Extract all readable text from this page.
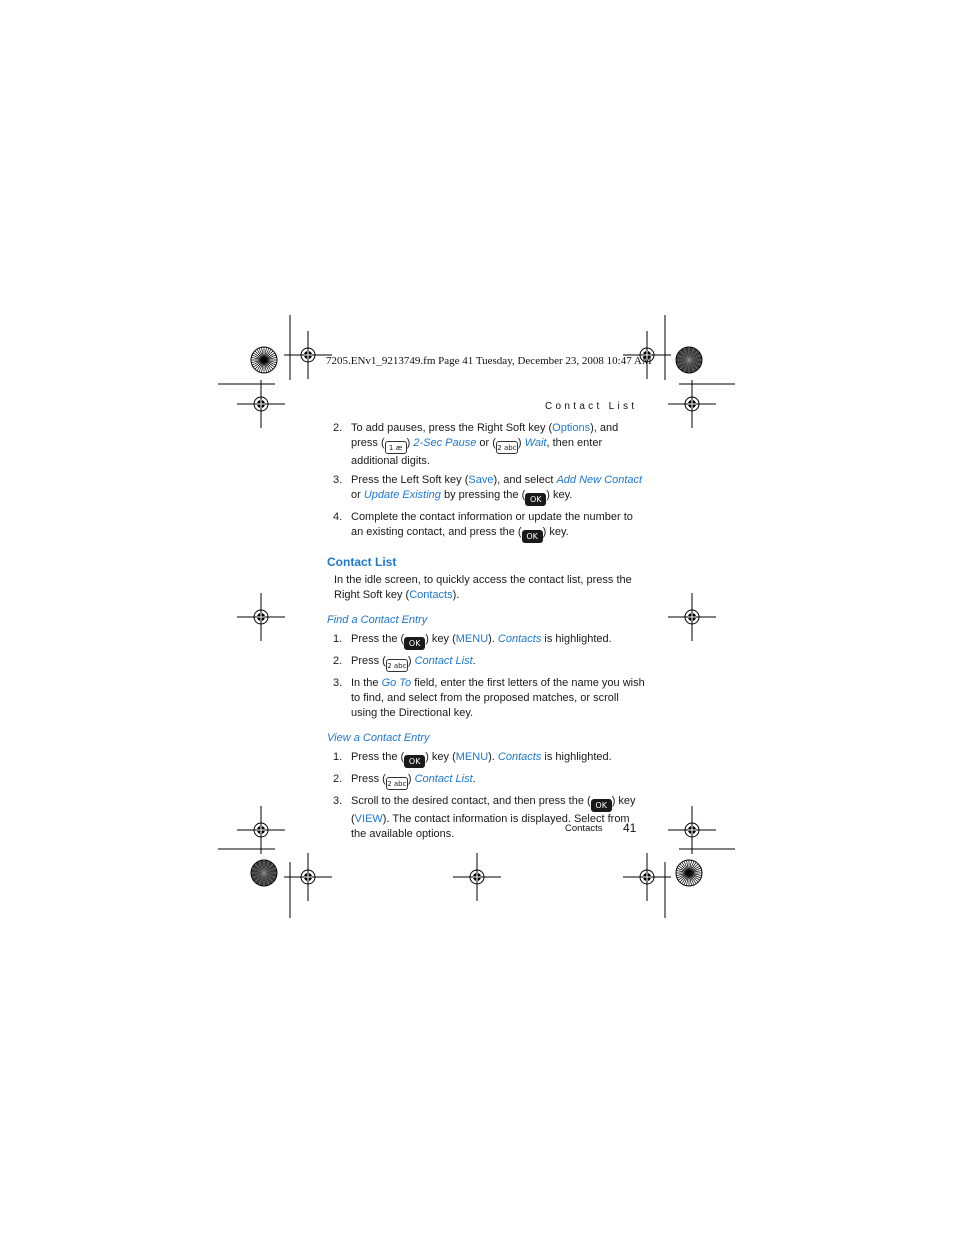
7205.ENv1_9213749.fm Page 41 Tuesday, December 23, 2008 10:47 AM
Contact List
2. To add pauses, press the Right Soft key (Options), and press ( 1 æ ) 2-Sec Pause or (2 abc) Wait, then enter additional digits.
3. Press the Left Soft key (Save), and select Add New Contact or Update Existing by pressing the ( OK ) key.
4. Complete the contact information or update the number to an existing contact, and press the ( OK ) key.
Contact List
In the idle screen, to quickly access the contact list, press the Right Soft key (Contacts).
Find a Contact Entry
1. Press the ( OK ) key (MENU). Contacts is highlighted.
2. Press (2 abc) Contact List.
3. In the Go To field, enter the first letters of the name you wish to find, and select from the proposed matches, or scroll using the Directional key.
View a Contact Entry
1. Press the ( OK ) key (MENU). Contacts is highlighted.
2. Press (2 abc) Contact List.
3. Scroll to the desired contact, and then press the ( OK ) key (VIEW). The contact information is displayed. Select from the available options.	Contacts 41
